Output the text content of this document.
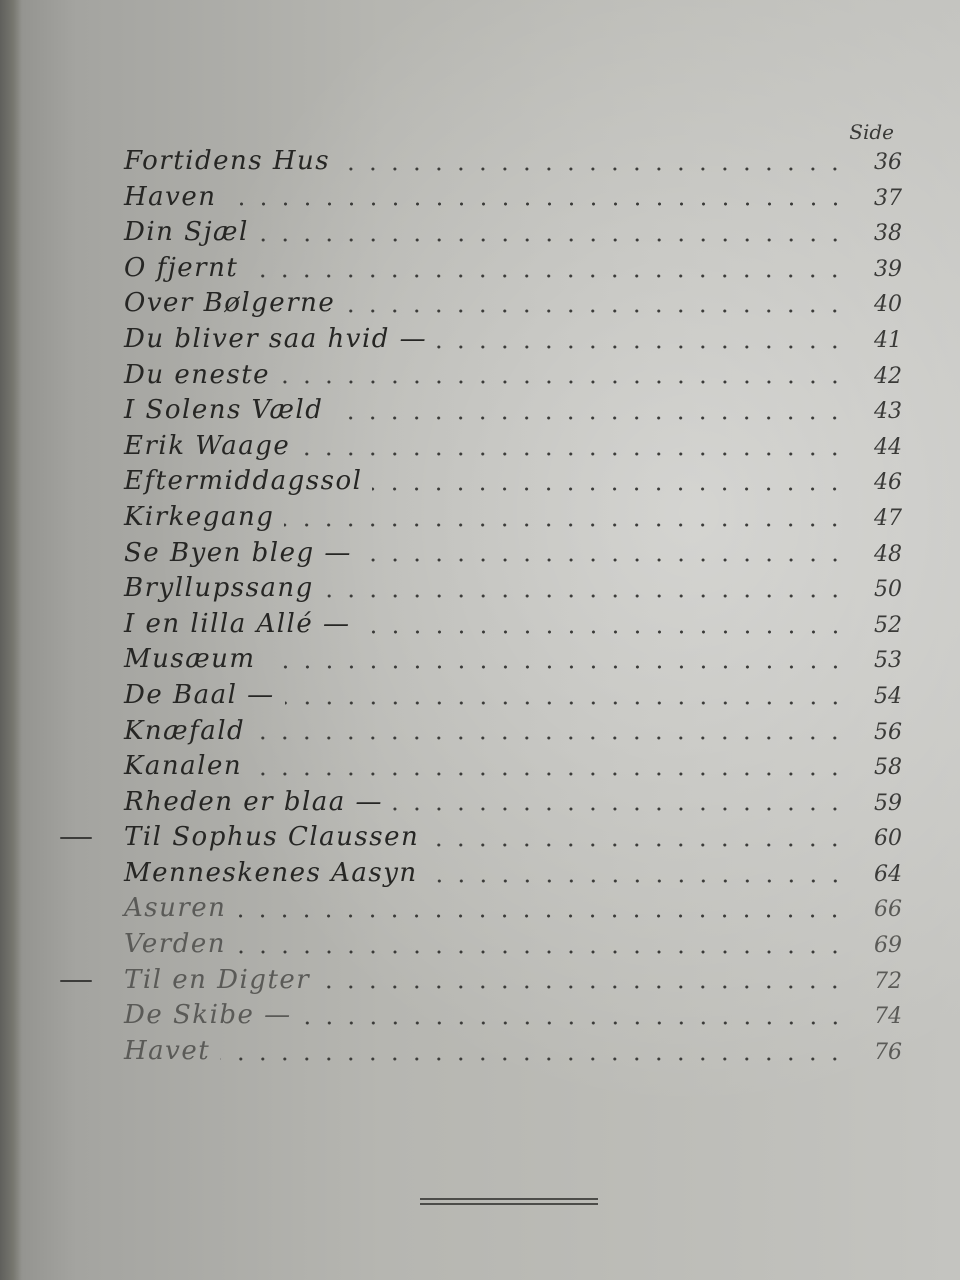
Side
Fortidens Hus	36
Haven	37
Din Sjæl	38
O fjernt	39
Over Bølgerne	40
Du bliver saa hvid —	41
Du eneste	42
I Solens Væld	43
Erik Waage	44
Eftermiddagssol	46
Kirkegang	47
Se Byen bleg —	48
Bryllupssang	50
I en lilla Allé —	52
Musæum	53
De Baal —	54
Knæfald	56
Kanalen	58
Rheden er blaa —	59
Til Sophus Claussen	60
Menneskenes Aasyn	64
Asuren	66
Verden	69
Til en Digter	72
De Skibe —	74
Havet	76
